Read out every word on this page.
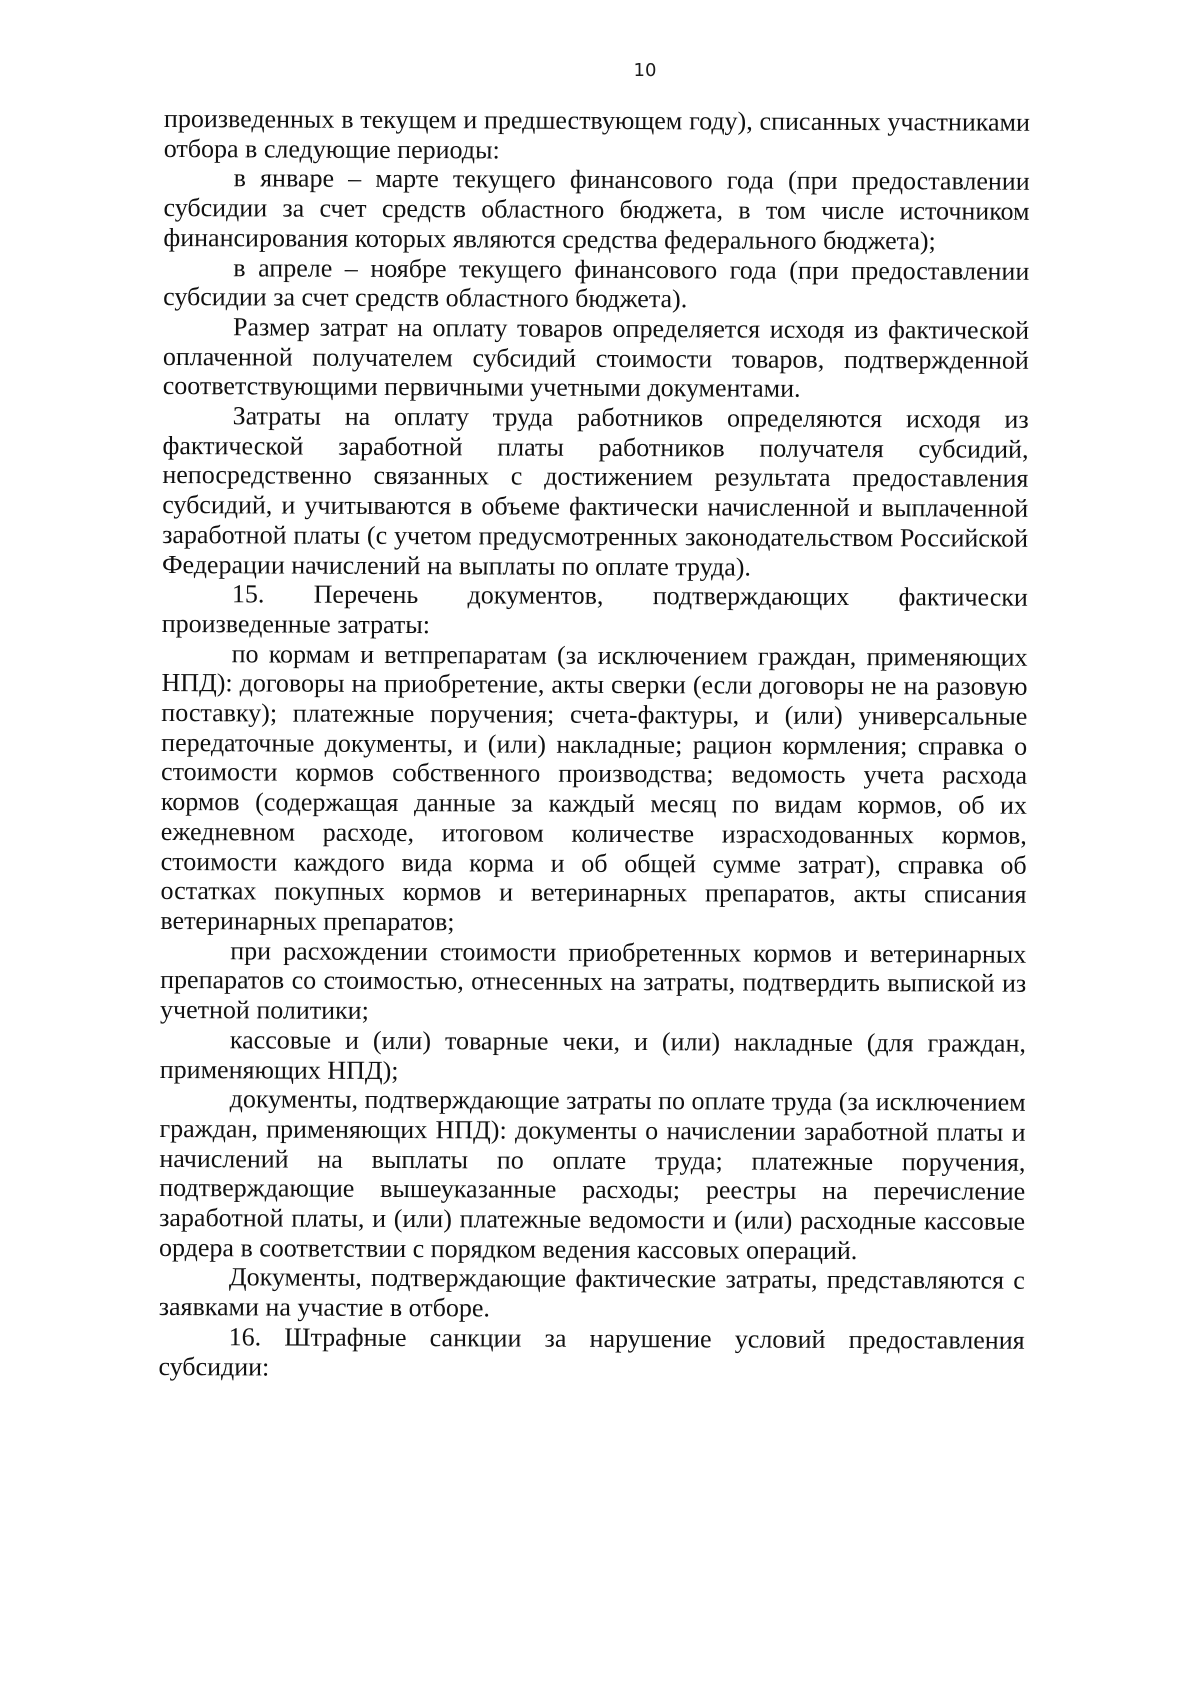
10

произведенных в текущем и предшествующем году), списанных участниками отбора в следующие периоды:

в январе – марте текущего финансового года (при предоставлении субсидии за счет средств областного бюджета, в том числе источником финансирования которых являются средства федерального бюджета);

в апреле – ноябре текущего финансового года (при предоставлении субсидии за счет средств областного бюджета).

Размер затрат на оплату товаров определяется исходя из фактической оплаченной получателем субсидий стоимости товаров, подтвержденной соответствующими первичными учетными документами.

Затраты на оплату труда работников определяются исходя из фактической заработной платы работников получателя субсидий, непосредственно связанных с достижением результата предоставления субсидий, и учитываются в объеме фактически начисленной и выплаченной заработной платы (с учетом предусмотренных законодательством Российской Федерации начислений на выплаты по оплате труда).

15. Перечень документов, подтверждающих фактически произведенные затраты:

по кормам и ветпрепаратам (за исключением граждан, применяющих НПД): договоры на приобретение, акты сверки (если договоры не на разовую поставку); платежные поручения; счета-фактуры, и (или) универсальные передаточные документы, и (или) накладные; рацион кормления; справка о стоимости кормов собственного производства; ведомость учета расхода кормов (содержащая данные за каждый месяц по видам кормов, об их ежедневном расходе, итоговом количестве израсходованных кормов, стоимости каждого вида корма и об общей сумме затрат), справка об остатках покупных кормов и ветеринарных препаратов, акты списания ветеринарных препаратов;

при расхождении стоимости приобретенных кормов и ветеринарных препаратов со стоимостью, отнесенных на затраты, подтвердить выпиской из учетной политики;

кассовые и (или) товарные чеки, и (или) накладные (для граждан, применяющих НПД);

документы, подтверждающие затраты по оплате труда (за исключением граждан, применяющих НПД): документы о начислении заработной платы и начислений на выплаты по оплате труда; платежные поручения, подтверждающие вышеуказанные расходы; реестры на перечисление заработной платы, и (или) платежные ведомости и (или) расходные кассовые ордера в соответствии с порядком ведения кассовых операций.

Документы, подтверждающие фактические затраты, представляются с заявками на участие в отборе.

16. Штрафные санкции за нарушение условий предоставления субсидии:
